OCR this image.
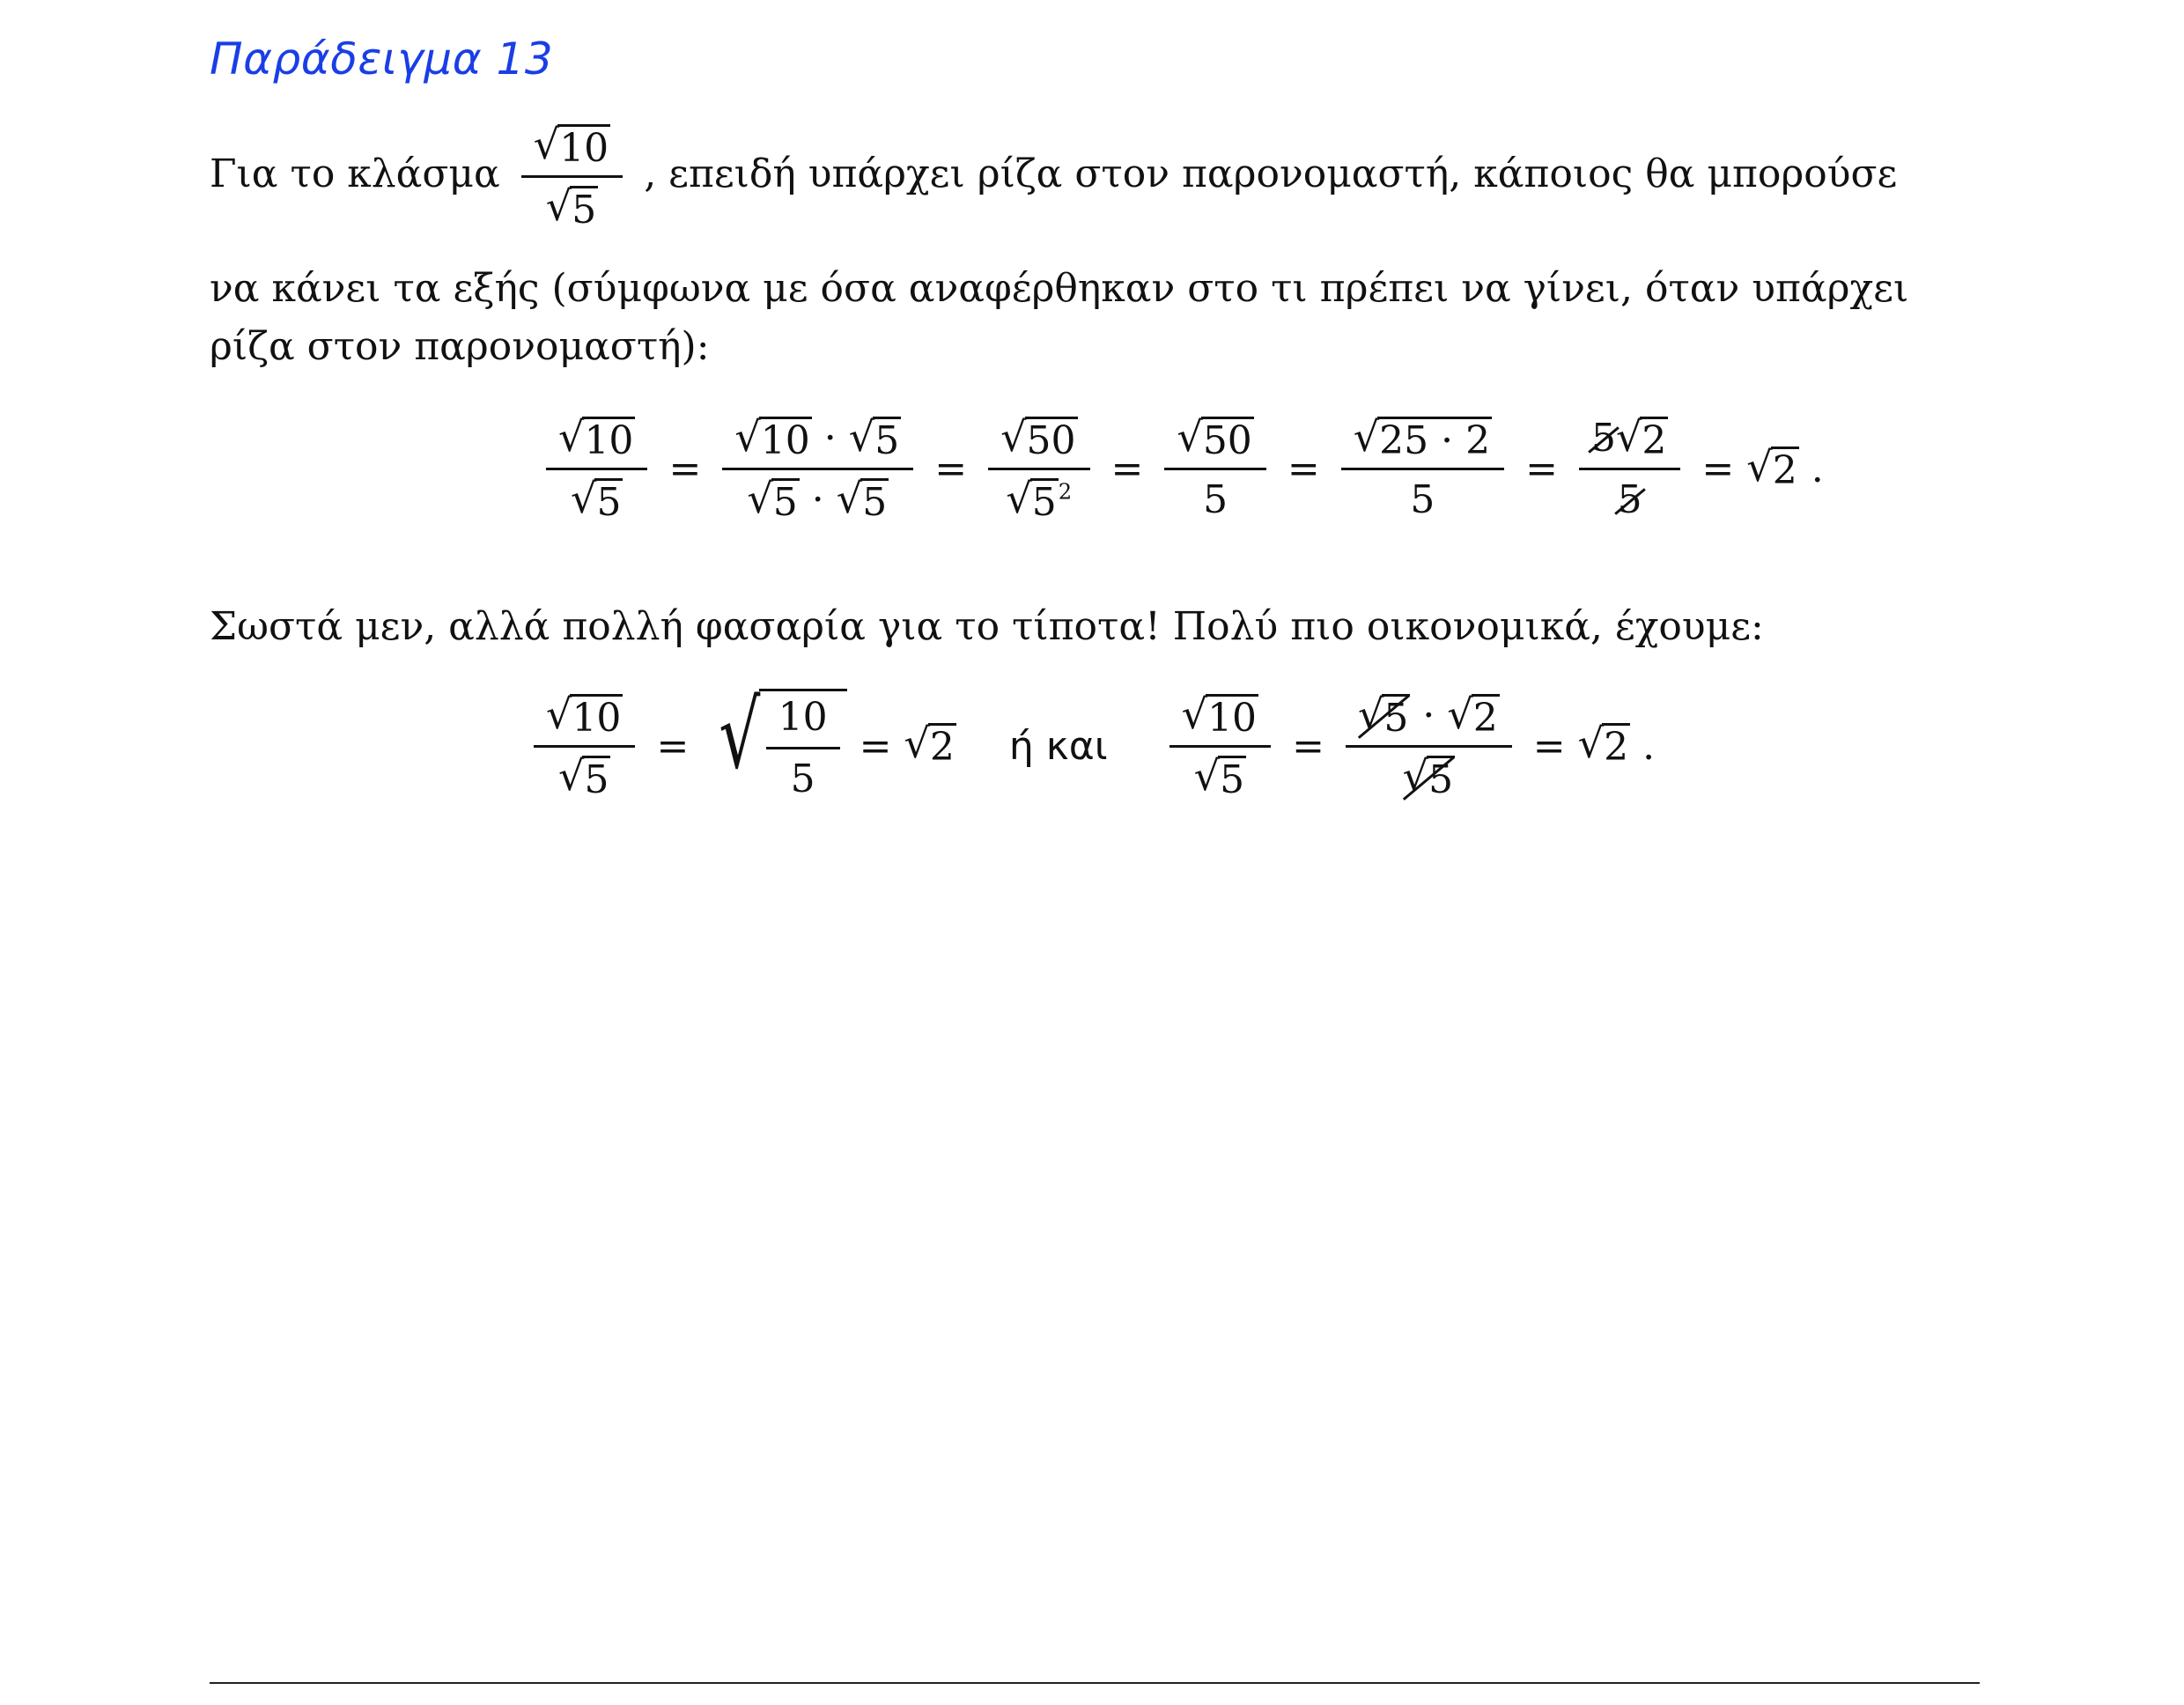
Παράδειγμα 13
Για το κλάσμα $\frac{√ 10}{√ 5}$ , επειδή υπάρχει ρίζα στον παρονομαστή, κάποιος θα μπορούσε
να κάνει τα εξής (σύμφωνα με όσα αναφέρθηκαν στο τι πρέπει να γίνει, όταν υπάρχει
ρίζα στον παρονομαστή):
$\frac{√ 10}{√ 5} = \frac{√ 10 \cdot √ 5}{√ 5 \cdot √ 5} = \frac{√ 50}{√ 5 ^2} = \frac{√ 50}{5} = \frac{√ 25 \cdot 2}{5} = \frac{5 √ 2}{5}$ = √ 2 .
Σωστά μεν, αλλά πολλή φασαρία για το τίποτα! Πολύ πιο οικονομικά, έχουμε:
$\frac{√ 10}{√ 5}$ = √ $\frac{10}{5}$ = √ 2 ή και $\frac{√ 10}{√ 5} = \frac{√ 5 \cdot √ 2}{√ 5}$ = √ 2 .
